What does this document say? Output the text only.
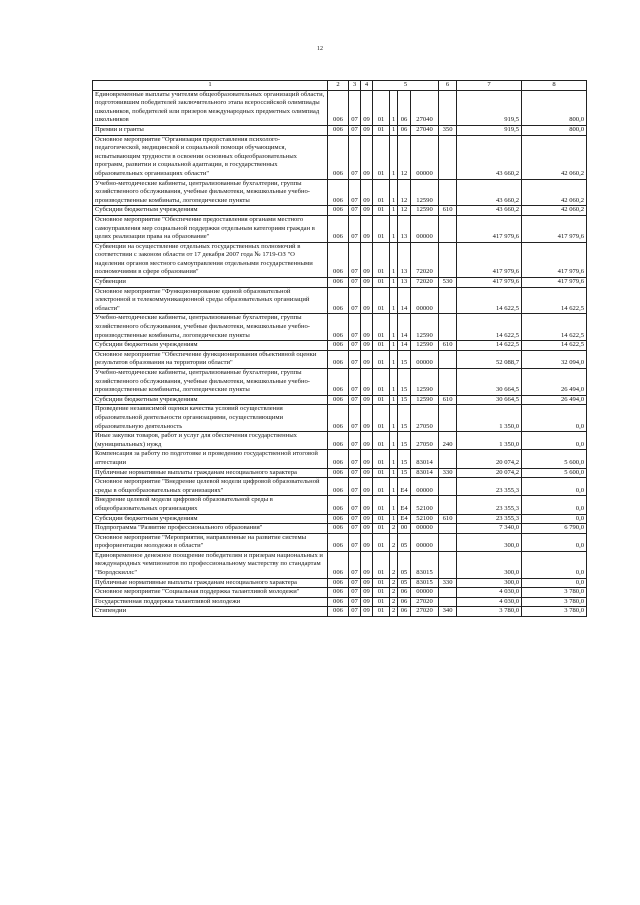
12
1	2	3	4	5				6	7	8
Единовременные выплаты учителям общеобразовательных организаций области, подготовившим победителей заключительного этапа всероссийской олимпиады школьников, победителей или призеров международных предметных олимпиад школьников	006	07	09	01	1	06	27040		919,5	800,0
Премии и гранты	006	07	09	01	1	06	27040	350	919,5	800,0
Основное мероприятие "Организация предоставления психолого-педагогической, медицинской и социальной помощи обучающимся, испытывающим трудности в освоении основных общеобразовательных программ, развитии и социальной адаптации, в государственных образовательных организациях области"	006	07	09	01	1	12	00000		43 660,2	42 060,2
Учебно-методические кабинеты, централизованные бухгалтерии, группы хозяйственного обслуживания, учебные фильмотеки, межшкольные учебно-производственные комбинаты, логопедические пункты	006	07	09	01	1	12	12590		43 660,2	42 060,2
Субсидии бюджетным учреждениям	006	07	09	01	1	12	12590	610	43 660,2	42 060,2
Основное мероприятие "Обеспечение предоставления органами местного самоуправления мер социальной поддержки отдельным категориям граждан в целях реализации права на образование"	006	07	09	01	1	13	00000		417 979,6	417 979,6
Субвенции на осуществление отдельных государственных полномочий в соответствии с законом области от 17 декабря 2007 года № 1719-ОЗ "О наделении органов местного самоуправления отдельными государственными полномочиями в сфере образования"	006	07	09	01	1	13	72020		417 979,6	417 979,6
Субвенции	006	07	09	01	1	13	72020	530	417 979,6	417 979,6
Основное мероприятие "Функционирование единой образовательной электронной и телекоммуникационной среды образовательных организаций области"	006	07	09	01	1	14	00000		14 622,5	14 622,5
Учебно-методические кабинеты, централизованные бухгалтерии, группы хозяйственного обслуживания, учебные фильмотеки, межшкольные учебно-производственные комбинаты, логопедические пункты	006	07	09	01	1	14	12590		14 622,5	14 622,5
Субсидии бюджетным учреждениям	006	07	09	01	1	14	12590	610	14 622,5	14 622,5
Основное мероприятие "Обеспечение функционирования объективной оценки результатов образования на территории области"	006	07	09	01	1	15	00000		52 088,7	32 094,0
Учебно-методические кабинеты, централизованные бухгалтерии, группы хозяйственного обслуживания, учебные фильмотеки, межшкольные учебно-производственные комбинаты, логопедические пункты	006	07	09	01	1	15	12590		30 664,5	26 494,0
Субсидии бюджетным учреждениям	006	07	09	01	1	15	12590	610	30 664,5	26 494,0
Проведение независимой оценки качества условий осуществления образовательной деятельности организациями, осуществляющими образовательную деятельность	006	07	09	01	1	15	27050		1 350,0	0,0
Иные закупки товаров, работ и услуг для обеспечения государственных (муниципальных) нужд	006	07	09	01	1	15	27050	240	1 350,0	0,0
Компенсация за работу по подготовке и проведению государственной итоговой аттестации	006	07	09	01	1	15	83014		20 074,2	5 600,0
Публичные нормативные выплаты гражданам несоциального характера	006	07	09	01	1	15	83014	330	20 074,2	5 600,0
Основное мероприятие "Внедрение целевой модели цифровой образовательной среды в общеобразовательных организациях"	006	07	09	01	1	E4	00000		23 355,3	0,0
Внедрение целевой модели цифровой образовательной среды в общеобразовательных организациях	006	07	09	01	1	E4	52100		23 355,3	0,0
Субсидии бюджетным учреждениям	006	07	09	01	1	E4	52100	610	23 355,3	0,0
Подпрограмма "Развитие профессионального образования"	006	07	09	01	2	00	00000		7 340,0	6 790,0
Основное мероприятие "Мероприятия, направленные на развитие системы профориентации молодежи в области"	006	07	09	01	2	05	00000		300,0	0,0
Единовременное денежное поощрение победителям и призерам национальных и международных чемпионатов по профессиональному мастерству по стандартам "Ворлдскиллс"	006	07	09	01	2	05	83015		300,0	0,0
Публичные нормативные выплаты гражданам несоциального характера	006	07	09	01	2	05	83015	330	300,0	0,0
Основное мероприятие "Социальная поддержка талантливой молодежи"	006	07	09	01	2	06	00000		4 030,0	3 780,0
Государственная поддержка талантливой молодежи	006	07	09	01	2	06	27020		4 030,0	3 780,0
Стипендии	006	07	09	01	2	06	27020	340	3 780,0	3 780,0
